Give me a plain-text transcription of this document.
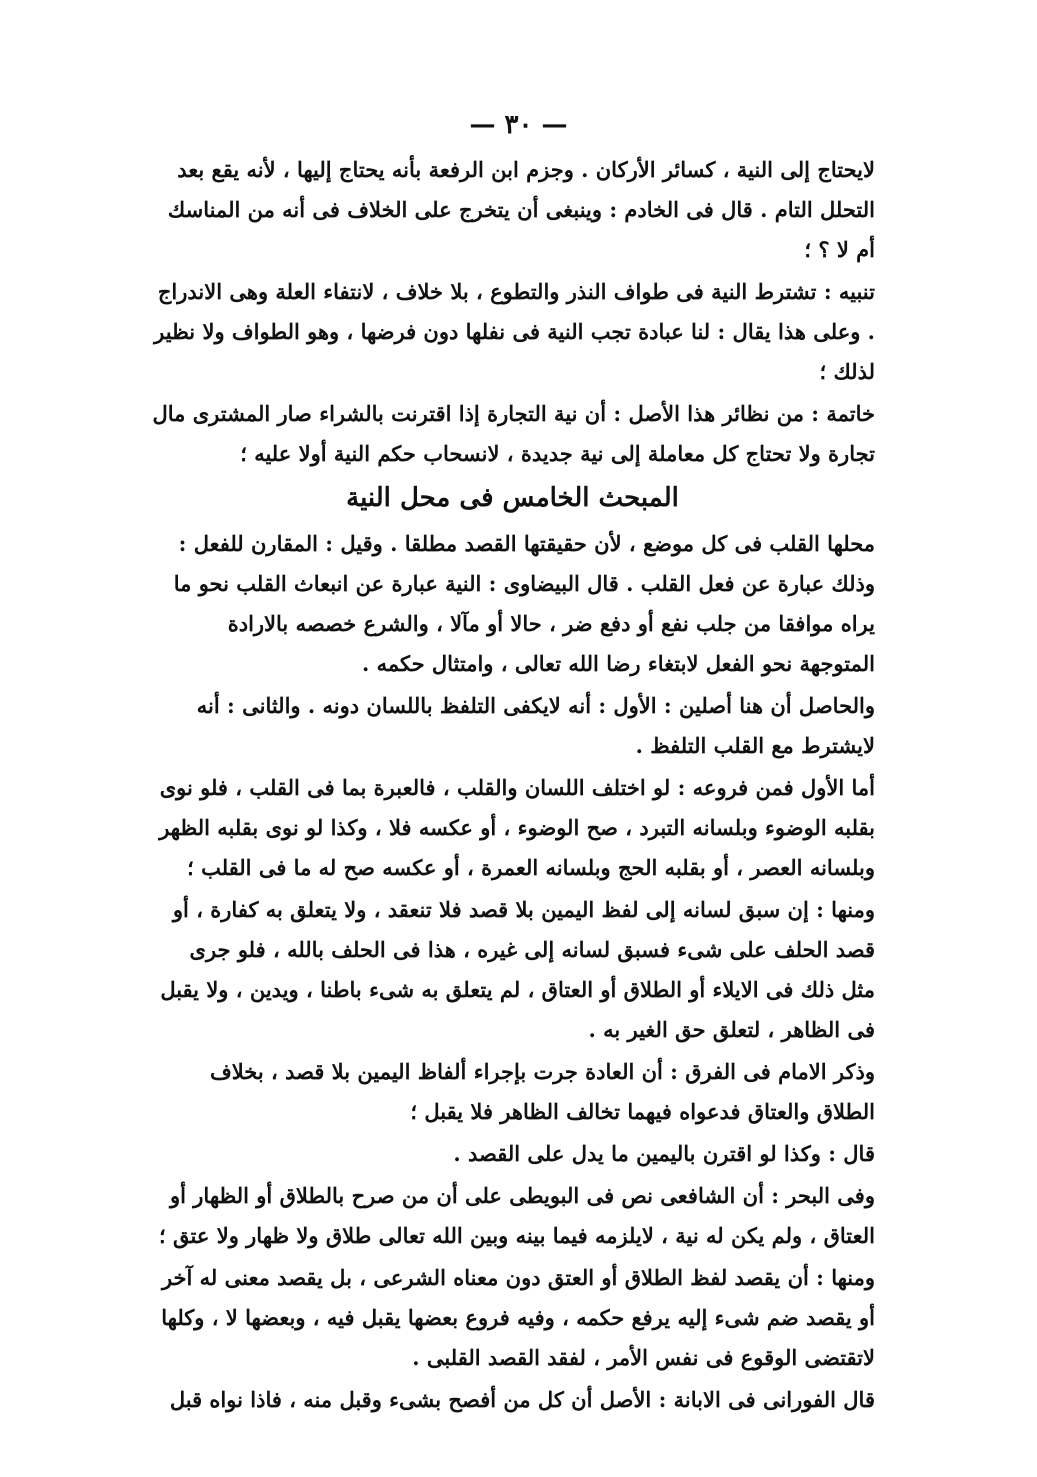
— ٣٠ —

لايحتاج إلى النية ، كسائر الأركان . وجزم ابن الرفعة بأنه يحتاج إليها ، لأنه يقع بعد التحلل التام . قال فى الخادم : وينبغى أن يتخرج على الخلاف فى أنه من المناسك أم لا ؟ ؛

تنبيه : تشترط النية فى طواف النذر والتطوع ، بلا خلاف ، لانتفاء العلة وهى الاندراج . وعلى هذا يقال : لنا عبادة تجب النية فى نفلها دون فرضها ، وهو الطواف ولا نظير لذلك ؛

خاتمة : من نظائر هذا الأصل : أن نية التجارة إذا اقترنت بالشراء صار المشترى مال تجارة ولا تحتاج كل معاملة إلى نية جديدة ، لانسحاب حكم النية أولا عليه ؛

المبحث الخامس فى محل النية

محلها القلب فى كل موضع ، لأن حقيقتها القصد مطلقا . وقيل : المقارن للفعل : وذلك عبارة عن فعل القلب . قال البيضاوى : النية عبارة عن انبعاث القلب نحو ما يراه موافقا من جلب نفع أو دفع ضر ، حالا أو مآلا ، والشرع خصصه بالارادة المتوجهة نحو الفعل لابتغاء رضا الله تعالى ، وامتثال حكمه .

والحاصل أن هنا أصلين : الأول : أنه لايكفى التلفظ باللسان دونه . والثانى : أنه لايشترط مع القلب التلفظ .

أما الأول فمن فروعه : لو اختلف اللسان والقلب ، فالعبرة بما فى القلب ، فلو نوى بقلبه الوضوء وبلسانه التبرد ، صح الوضوء ، أو عكسه فلا ، وكذا لو نوى بقلبه الظهر وبلسانه العصر ، أو بقلبه الحج وبلسانه العمرة ، أو عكسه صح له ما فى القلب ؛

ومنها : إن سبق لسانه إلى لفظ اليمين بلا قصد فلا تنعقد ، ولا يتعلق به كفارة ، أو قصد الحلف على شىء فسبق لسانه إلى غيره ، هذا فى الحلف بالله ، فلو جرى مثل ذلك فى الايلاء أو الطلاق أو العتاق ، لم يتعلق به شىء باطنا ، ويدين ، ولا يقبل فى الظاهر ، لتعلق حق الغير به .

وذكر الامام فى الفرق : أن العادة جرت بإجراء ألفاظ اليمين بلا قصد ، بخلاف الطلاق والعتاق فدعواه فيهما تخالف الظاهر فلا يقبل ؛

قال : وكذا لو اقترن باليمين ما يدل على القصد .

وفى البحر : أن الشافعى نص فى البويطى على أن من صرح بالطلاق أو الظهار أو العتاق ، ولم يكن له نية ، لايلزمه فيما بينه وبين الله تعالى طلاق ولا ظهار ولا عتق ؛

ومنها : أن يقصد لفظ الطلاق أو العتق دون معناه الشرعى ، بل يقصد معنى له آخر أو يقصد ضم شىء إليه يرفع حكمه ، وفيه فروع بعضها يقبل فيه ، وبعضها لا ، وكلها لاتقتضى الوقوع فى نفس الأمر ، لفقد القصد القلبى .

قال الفورانى فى الابانة : الأصل أن كل من أفصح بشىء وقبل منه ، فاذا نواه قبل
